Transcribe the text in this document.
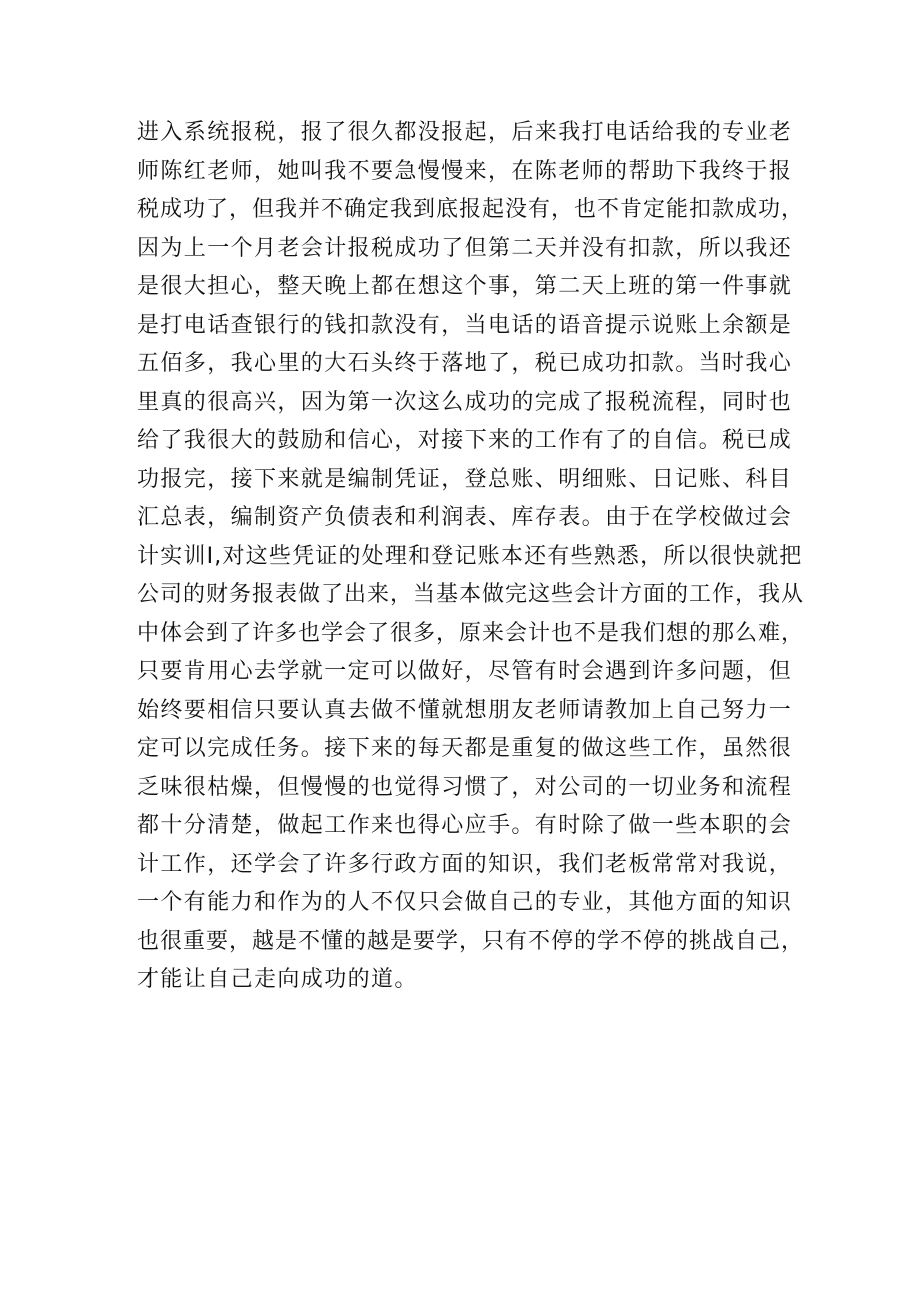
进入系统报税，报了很久都没报起，后来我打电话给我的专业老
师陈红老师，她叫我不要急慢慢来，在陈老师的帮助下我终于报
税成功了，但我并不确定我到底报起没有，也不肯定能扣款成功，
因为上一个月老会计报税成功了但第二天并没有扣款，所以我还
是很大担心，整天晚上都在想这个事，第二天上班的第一件事就
是打电话查银行的钱扣款没有，当电话的语音提示说账上余额是
五佰多，我心里的大石头终于落地了，税已成功扣款。当时我心
里真的很高兴，因为第一次这么成功的完成了报税流程，同时也
给了我很大的鼓励和信心，对接下来的工作有了的自信。税已成
功报完，接下来就是编制凭证，登总账、明细账、日记账、科目
汇总表，编制资产负债表和利润表、库存表。由于在学校做过会
计实训I,对这些凭证的处理和登记账本还有些熟悉，所以很快就把
公司的财务报表做了出来，当基本做完这些会计方面的工作，我从
中体会到了许多也学会了很多，原来会计也不是我们想的那么难，
只要肯用心去学就一定可以做好，尽管有时会遇到许多问题，但
始终要相信只要认真去做不懂就想朋友老师请教加上自己努力一
定可以完成任务。接下来的每天都是重复的做这些工作，虽然很
乏味很枯燥，但慢慢的也觉得习惯了，对公司的一切业务和流程
都十分清楚，做起工作来也得心应手。有时除了做一些本职的会
计工作，还学会了许多行政方面的知识，我们老板常常对我说，
一个有能力和作为的人不仅只会做自己的专业，其他方面的知识
也很重要，越是不懂的越是要学，只有不停的学不停的挑战自己，
才能让自己走向成功的道。
